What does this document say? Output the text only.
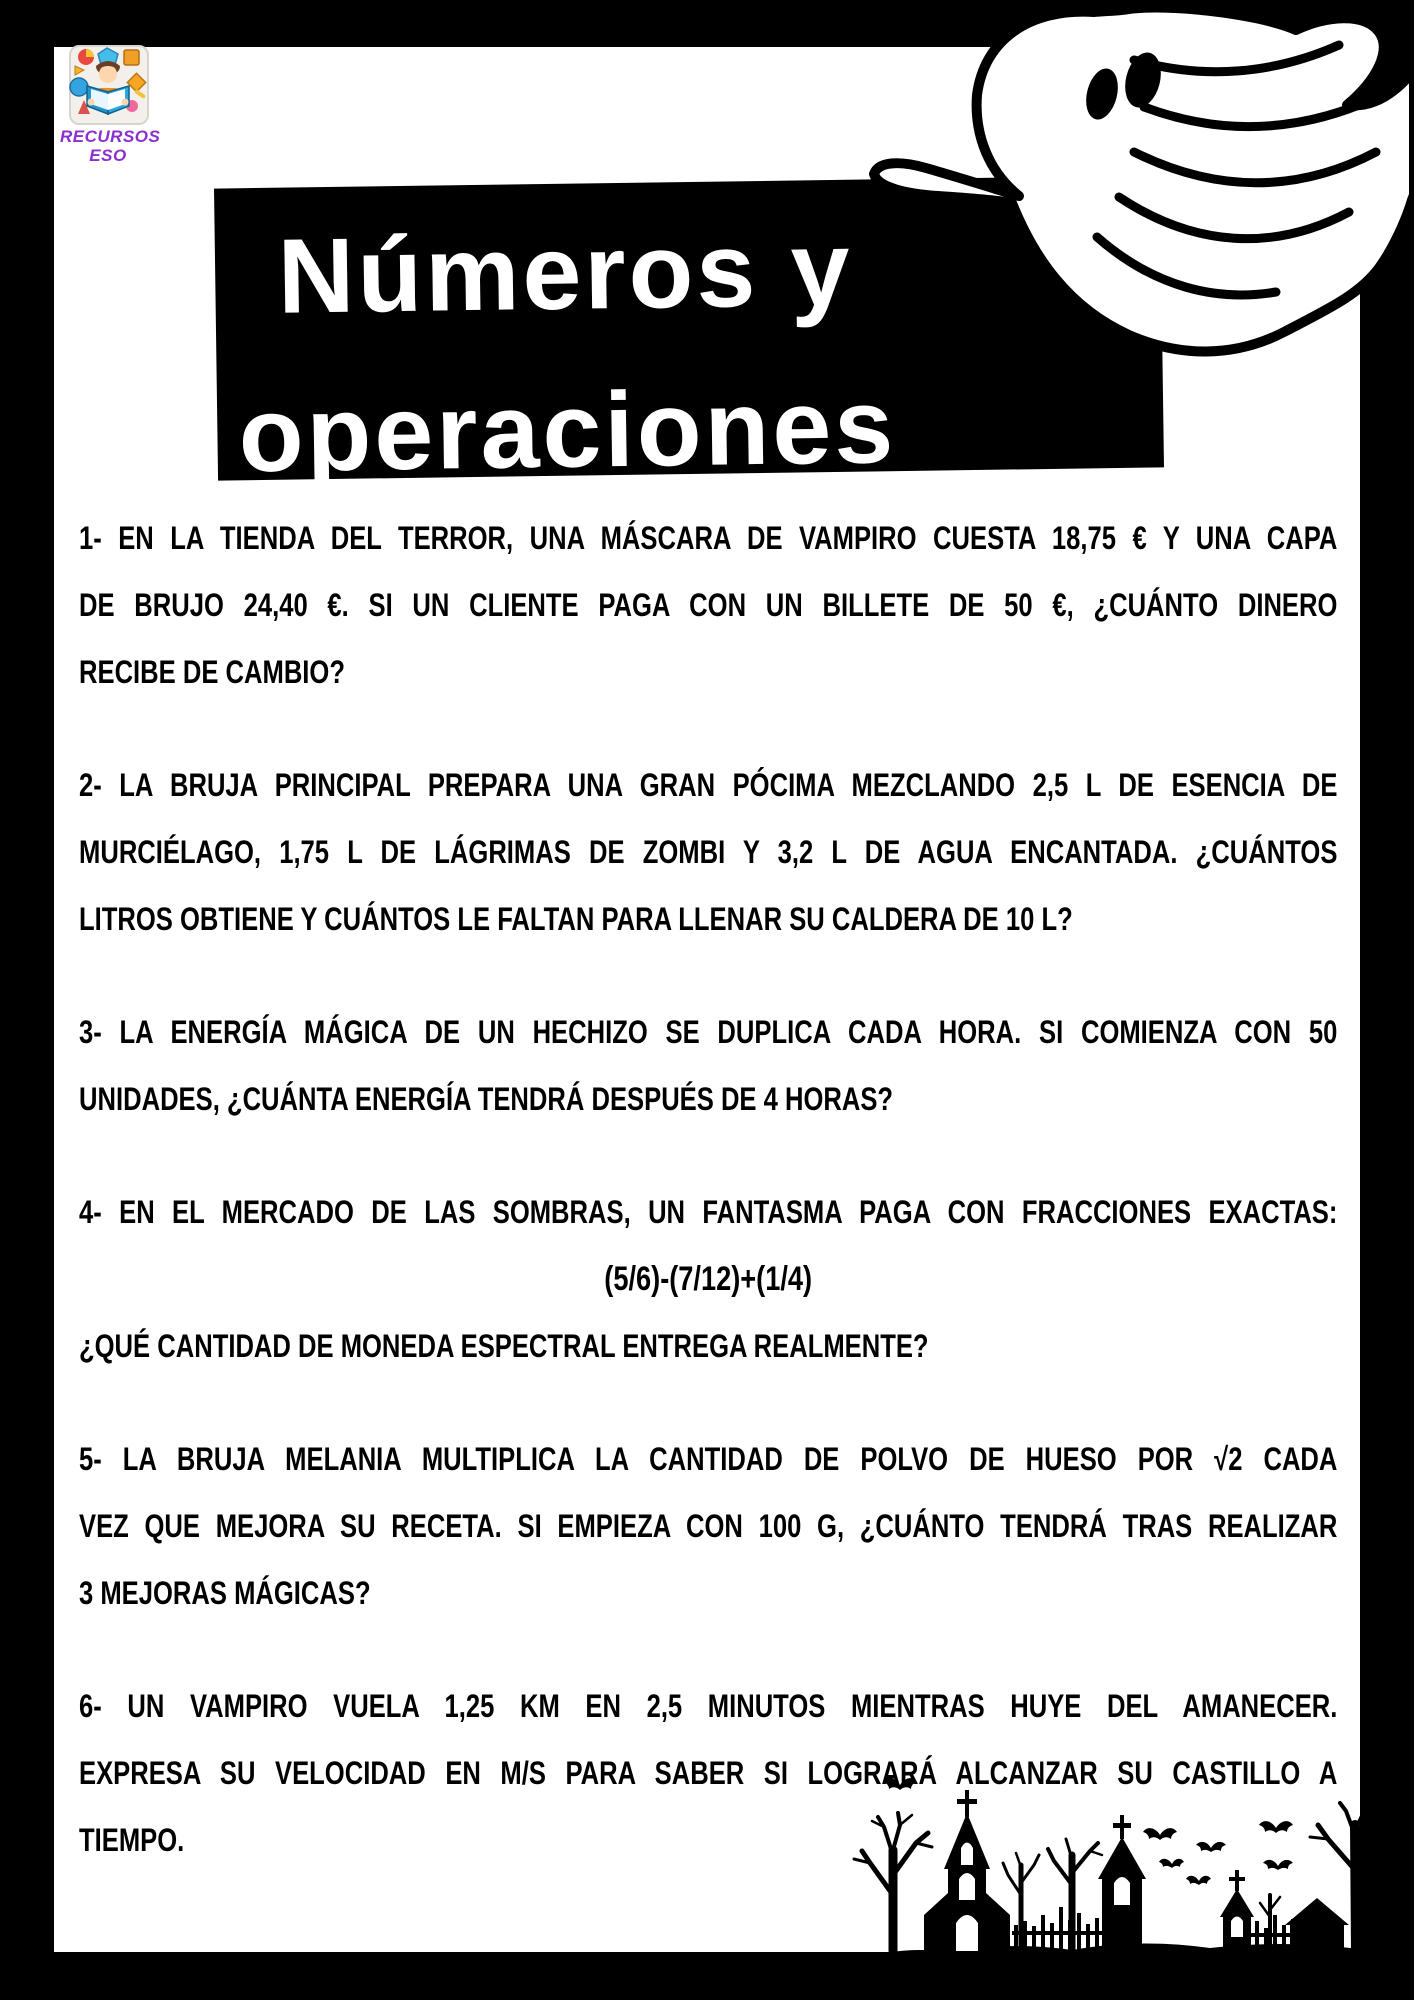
RECURSOS
ESO
Números y
operaciones
1- EN LA TIENDA DEL TERROR, UNA MÁSCARA DE VAMPIRO CUESTA 18,75 € Y UNA CAPA
DE BRUJO 24,40 €. SI UN CLIENTE PAGA CON UN BILLETE DE 50 €, ¿CUÁNTO DINERO
RECIBE DE CAMBIO?
2- LA BRUJA PRINCIPAL PREPARA UNA GRAN PÓCIMA MEZCLANDO 2,5 L DE ESENCIA DE
MURCIÉLAGO, 1,75 L DE LÁGRIMAS DE ZOMBI Y 3,2 L DE AGUA ENCANTADA. ¿CUÁNTOS
LITROS OBTIENE Y CUÁNTOS LE FALTAN PARA LLENAR SU CALDERA DE 10 L?
3- LA ENERGÍA MÁGICA DE UN HECHIZO SE DUPLICA CADA HORA. SI COMIENZA CON 50
UNIDADES, ¿CUÁNTA ENERGÍA TENDRÁ DESPUÉS DE 4 HORAS?
4- EN EL MERCADO DE LAS SOMBRAS, UN FANTASMA PAGA CON FRACCIONES EXACTAS:
(5/6)-(7/12)+(1/4)
¿QUÉ CANTIDAD DE MONEDA ESPECTRAL ENTREGA REALMENTE?
5- LA BRUJA MELANIA MULTIPLICA LA CANTIDAD DE POLVO DE HUESO POR √2 CADA
VEZ QUE MEJORA SU RECETA. SI EMPIEZA CON 100 G, ¿CUÁNTO TENDRÁ TRAS REALIZAR
3 MEJORAS MÁGICAS?
6- UN VAMPIRO VUELA 1,25 KM EN 2,5 MINUTOS MIENTRAS HUYE DEL AMANECER.
EXPRESA SU VELOCIDAD EN M/S PARA SABER SI LOGRARÁ ALCANZAR SU CASTILLO A
TIEMPO.
